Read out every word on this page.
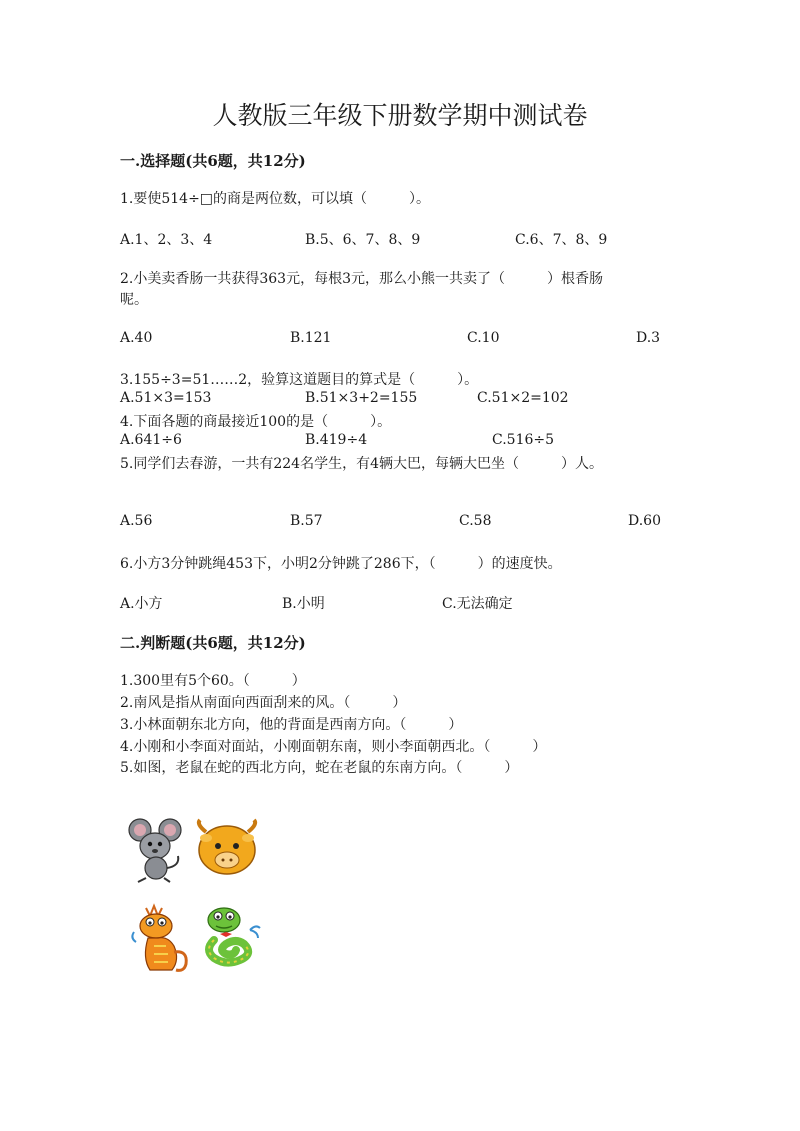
人教版三年级下册数学期中测试卷
一.选择题(共6题，共12分)
1.要使514÷□的商是两位数，可以填（　　　）。
A.1、2、3、4	B.5、6、7、8、9	C.6、7、8、9
2.小美卖香肠一共获得363元，每根3元，那么小熊一共卖了（　　　）根香肠
呢。
A.40	B.121	C.10	D.3
3.155÷3=51……2，验算这道题目的算式是（　　　）。
A.51×3=153	B.51×3+2=155	C.51×2=102
4.下面各题的商最接近100的是（　　　）。
A.641÷6	B.419÷4	C.516÷5
5.同学们去春游，一共有224名学生，有4辆大巴，每辆大巴坐（　　　）人。
A.56	B.57	C.58	D.60
6.小方3分钟跳绳453下，小明2分钟跳了286下，（　　　）的速度快。
A.小方	B.小明	C.无法确定
二.判断题(共6题，共12分)
1.300里有5个60。（　　　）
2.南风是指从南面向西面刮来的风。（　　　）
3.小林面朝东北方向，他的背面是西南方向。（　　　）
4.小刚和小李面对面站，小刚面朝东南，则小李面朝西北。（　　　）
5.如图，老鼠在蛇的西北方向，蛇在老鼠的东南方向。（　　　）
